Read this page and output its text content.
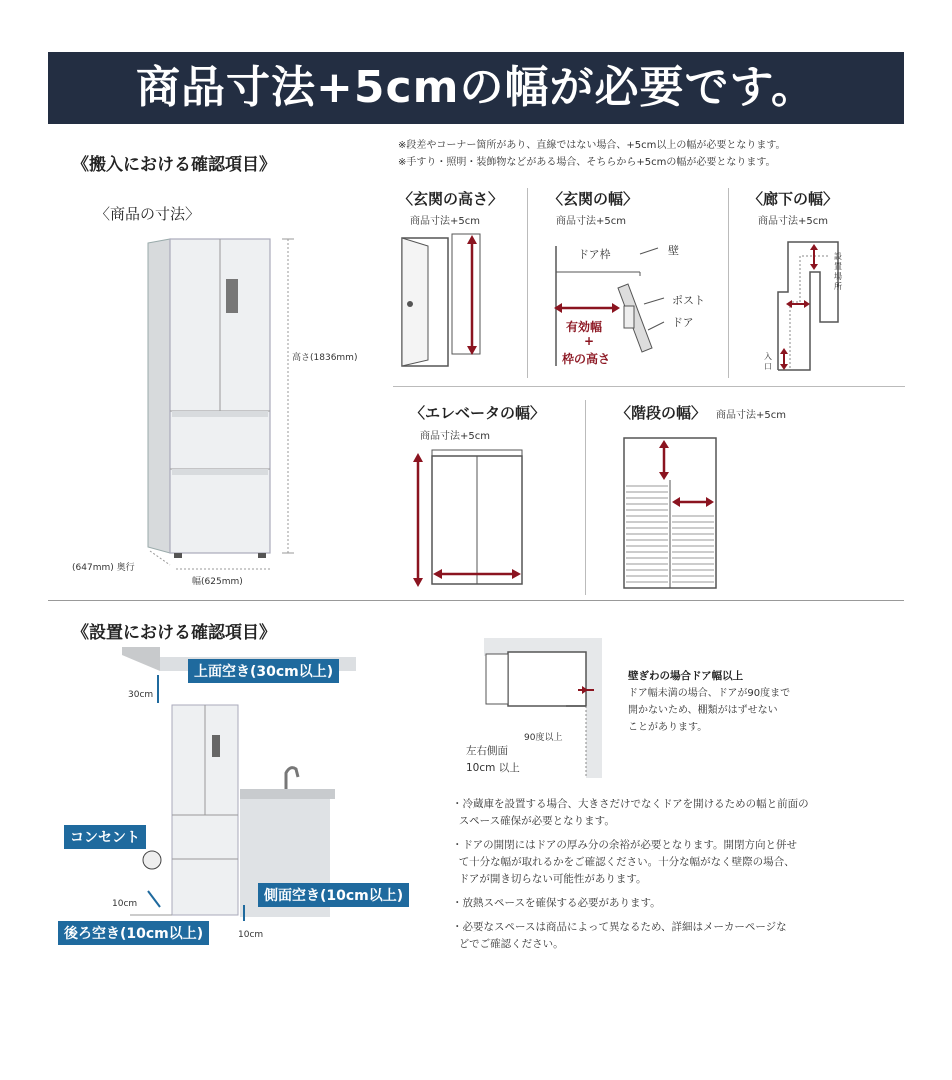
商品寸法+5cmの幅が必要です。
《搬入における確認項目》
※段差やコーナー箇所があり、直線ではない場合、+5cm以上の幅が必要となります。
※手すり・照明・装飾物などがある場合、そちらから+5cmの幅が必要となります。
〈商品の寸法〉
高さ(1836mm)
(647mm) 奥行
幅(625mm)
〈玄関の高さ〉
商品寸法+5cm
〈玄関の幅〉
商品寸法+5cm
ドア枠	壁
ポスト
ドア
有効幅
+
枠の高さ
〈廊下の幅〉
商品寸法+5cm
設置場所
入口
〈エレベータの幅〉
商品寸法+5cm
〈階段の幅〉 商品寸法+5cm
《設置における確認項目》
上面空き(30cm以上)
30cm
コンセント
側面空き(10cm以上)
10cm
後ろ空き(10cm以上)	10cm
壁ぎわの場合ドア幅以上
ドア幅未満の場合、ドアが90度まで
開かないため、棚類がはずせない
ことがあります。
90度以上
左右側面
10cm 以上
・冷蔵庫を設置する場合、大きさだけでなくドアを開けるための幅と前面の
スペース確保が必要となります。
・ドアの開閉にはドアの厚み分の余裕が必要となります。開閉方向と併せ
て十分な幅が取れるかをご確認ください。十分な幅がなく壁際の場合、
ドアが開き切らない可能性があります。
・放熱スペースを確保する必要があります。
・必要なスペースは商品によって異なるため、詳細はメーカーページな
どでご確認ください。
